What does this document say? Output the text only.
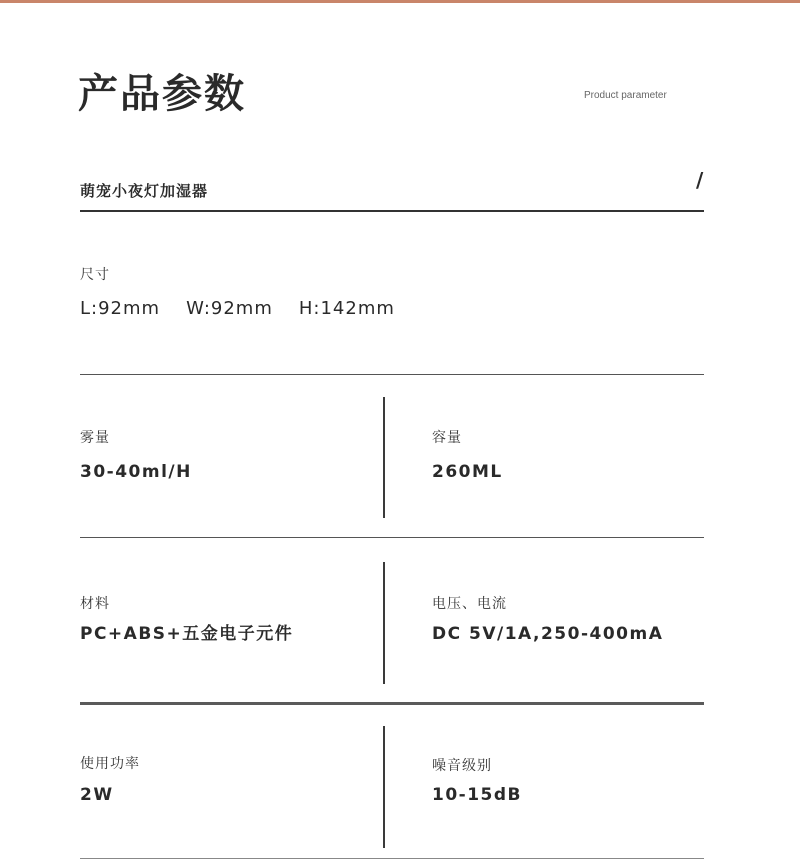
产品参数	Product parameter
萌宠小夜灯加湿器	/
尺寸
L:92mm W:92mm H:142mm
雾量
30-40ml/H
容量
260ML
材料
PC+ABS+五金电子元件
电压、电流
DC 5V/1A,250-400mA
使用功率
2W
噪音级别
10-15dB
